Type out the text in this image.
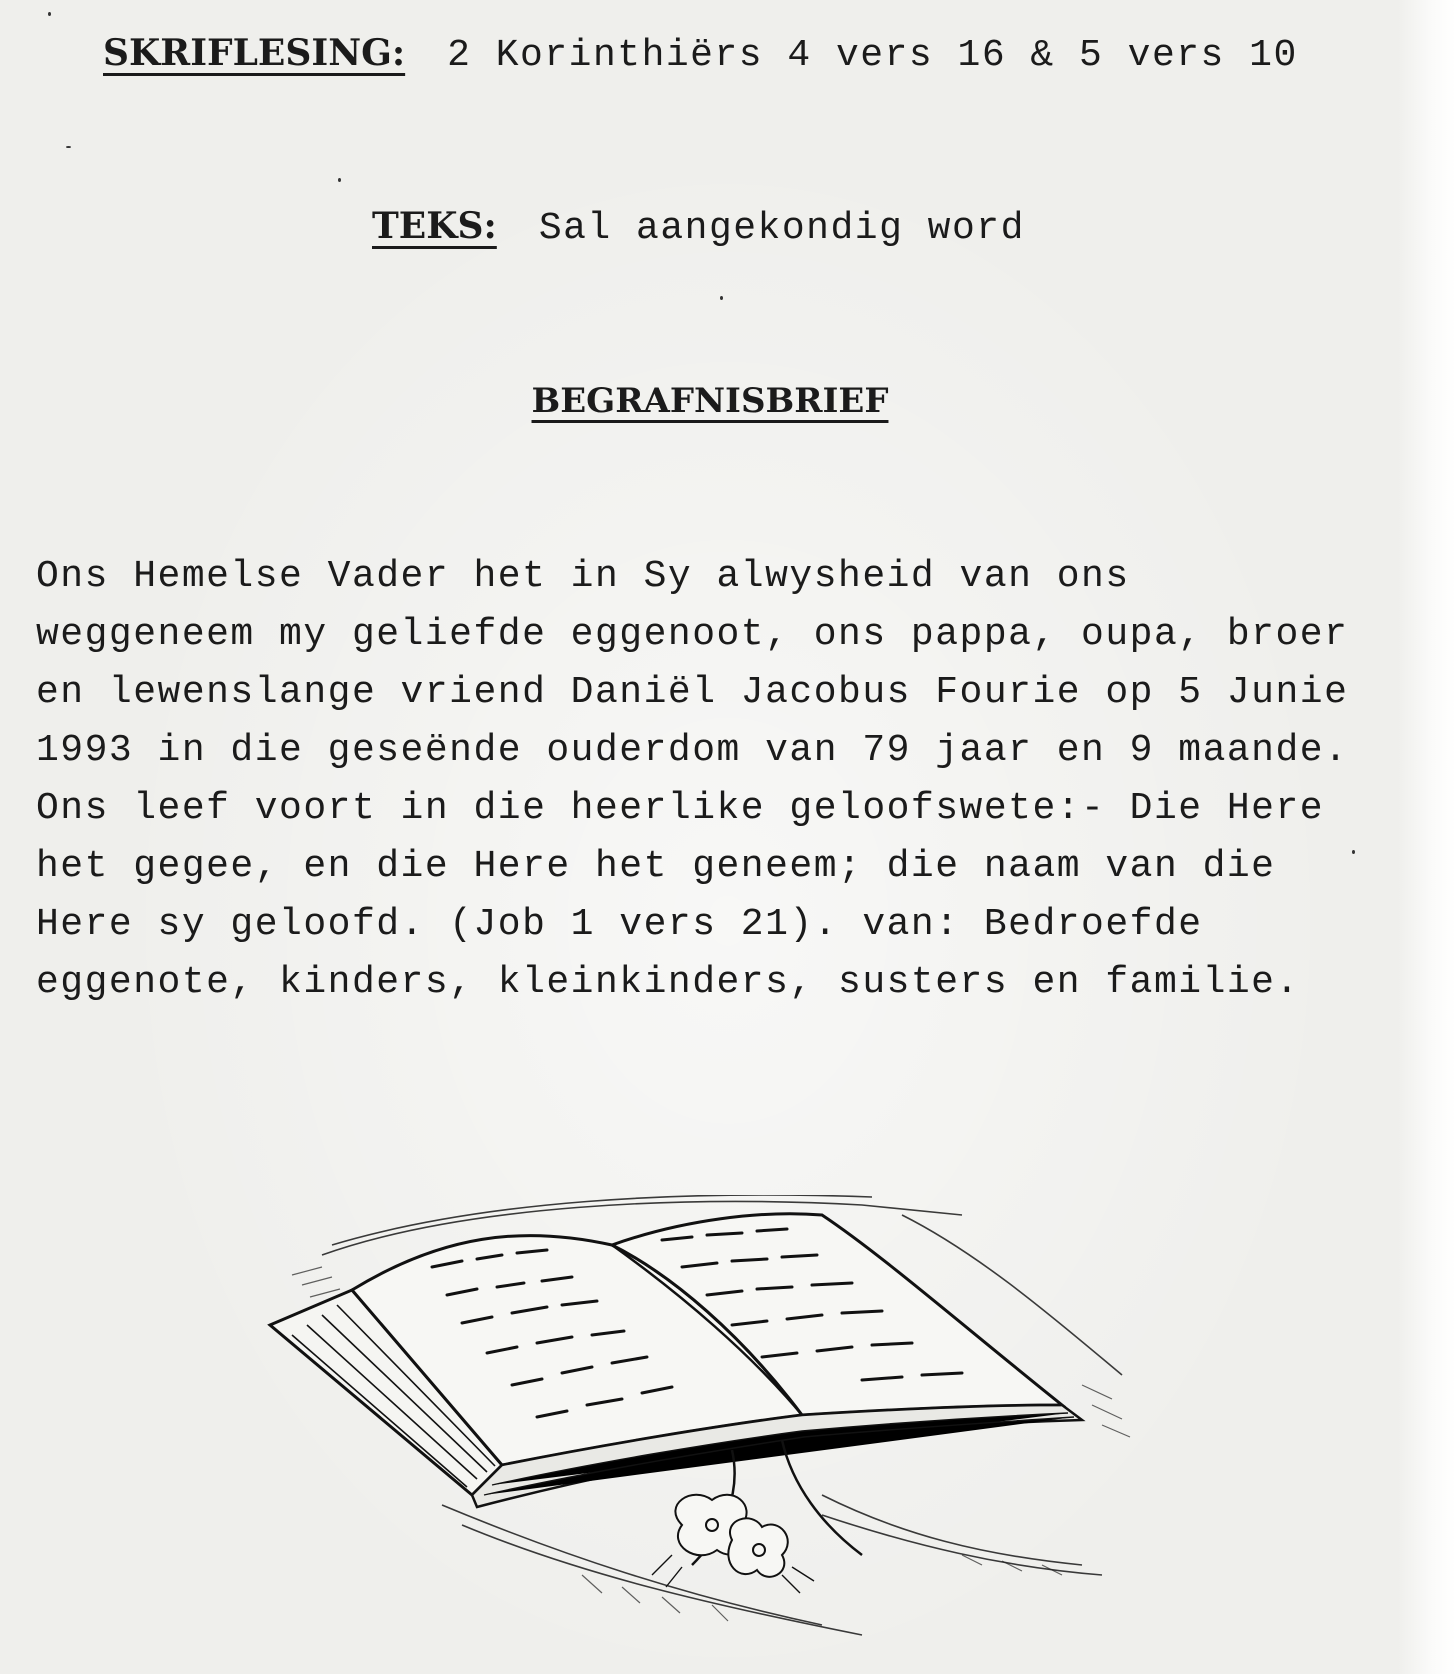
SKRIFLESING: 2 Korinthiërs 4 vers 16 & 5 vers 10
TEKS: Sal aangekondig word
BEGRAFNISBRIEF
Ons Hemelse Vader het in Sy alwysheid van ons
weggeneem my geliefde eggenoot, ons pappa, oupa, broer
en lewenslange vriend Daniël Jacobus Fourie op 5 Junie
1993 in die geseënde ouderdom van 79 jaar en 9 maande.
Ons leef voort in die heerlike geloofswete:- Die Here
het gegee, en die Here het geneem; die naam van die
Here sy geloofd. (Job 1 vers 21). van: Bedroefde
eggenote, kinders, kleinkinders, susters en familie.
